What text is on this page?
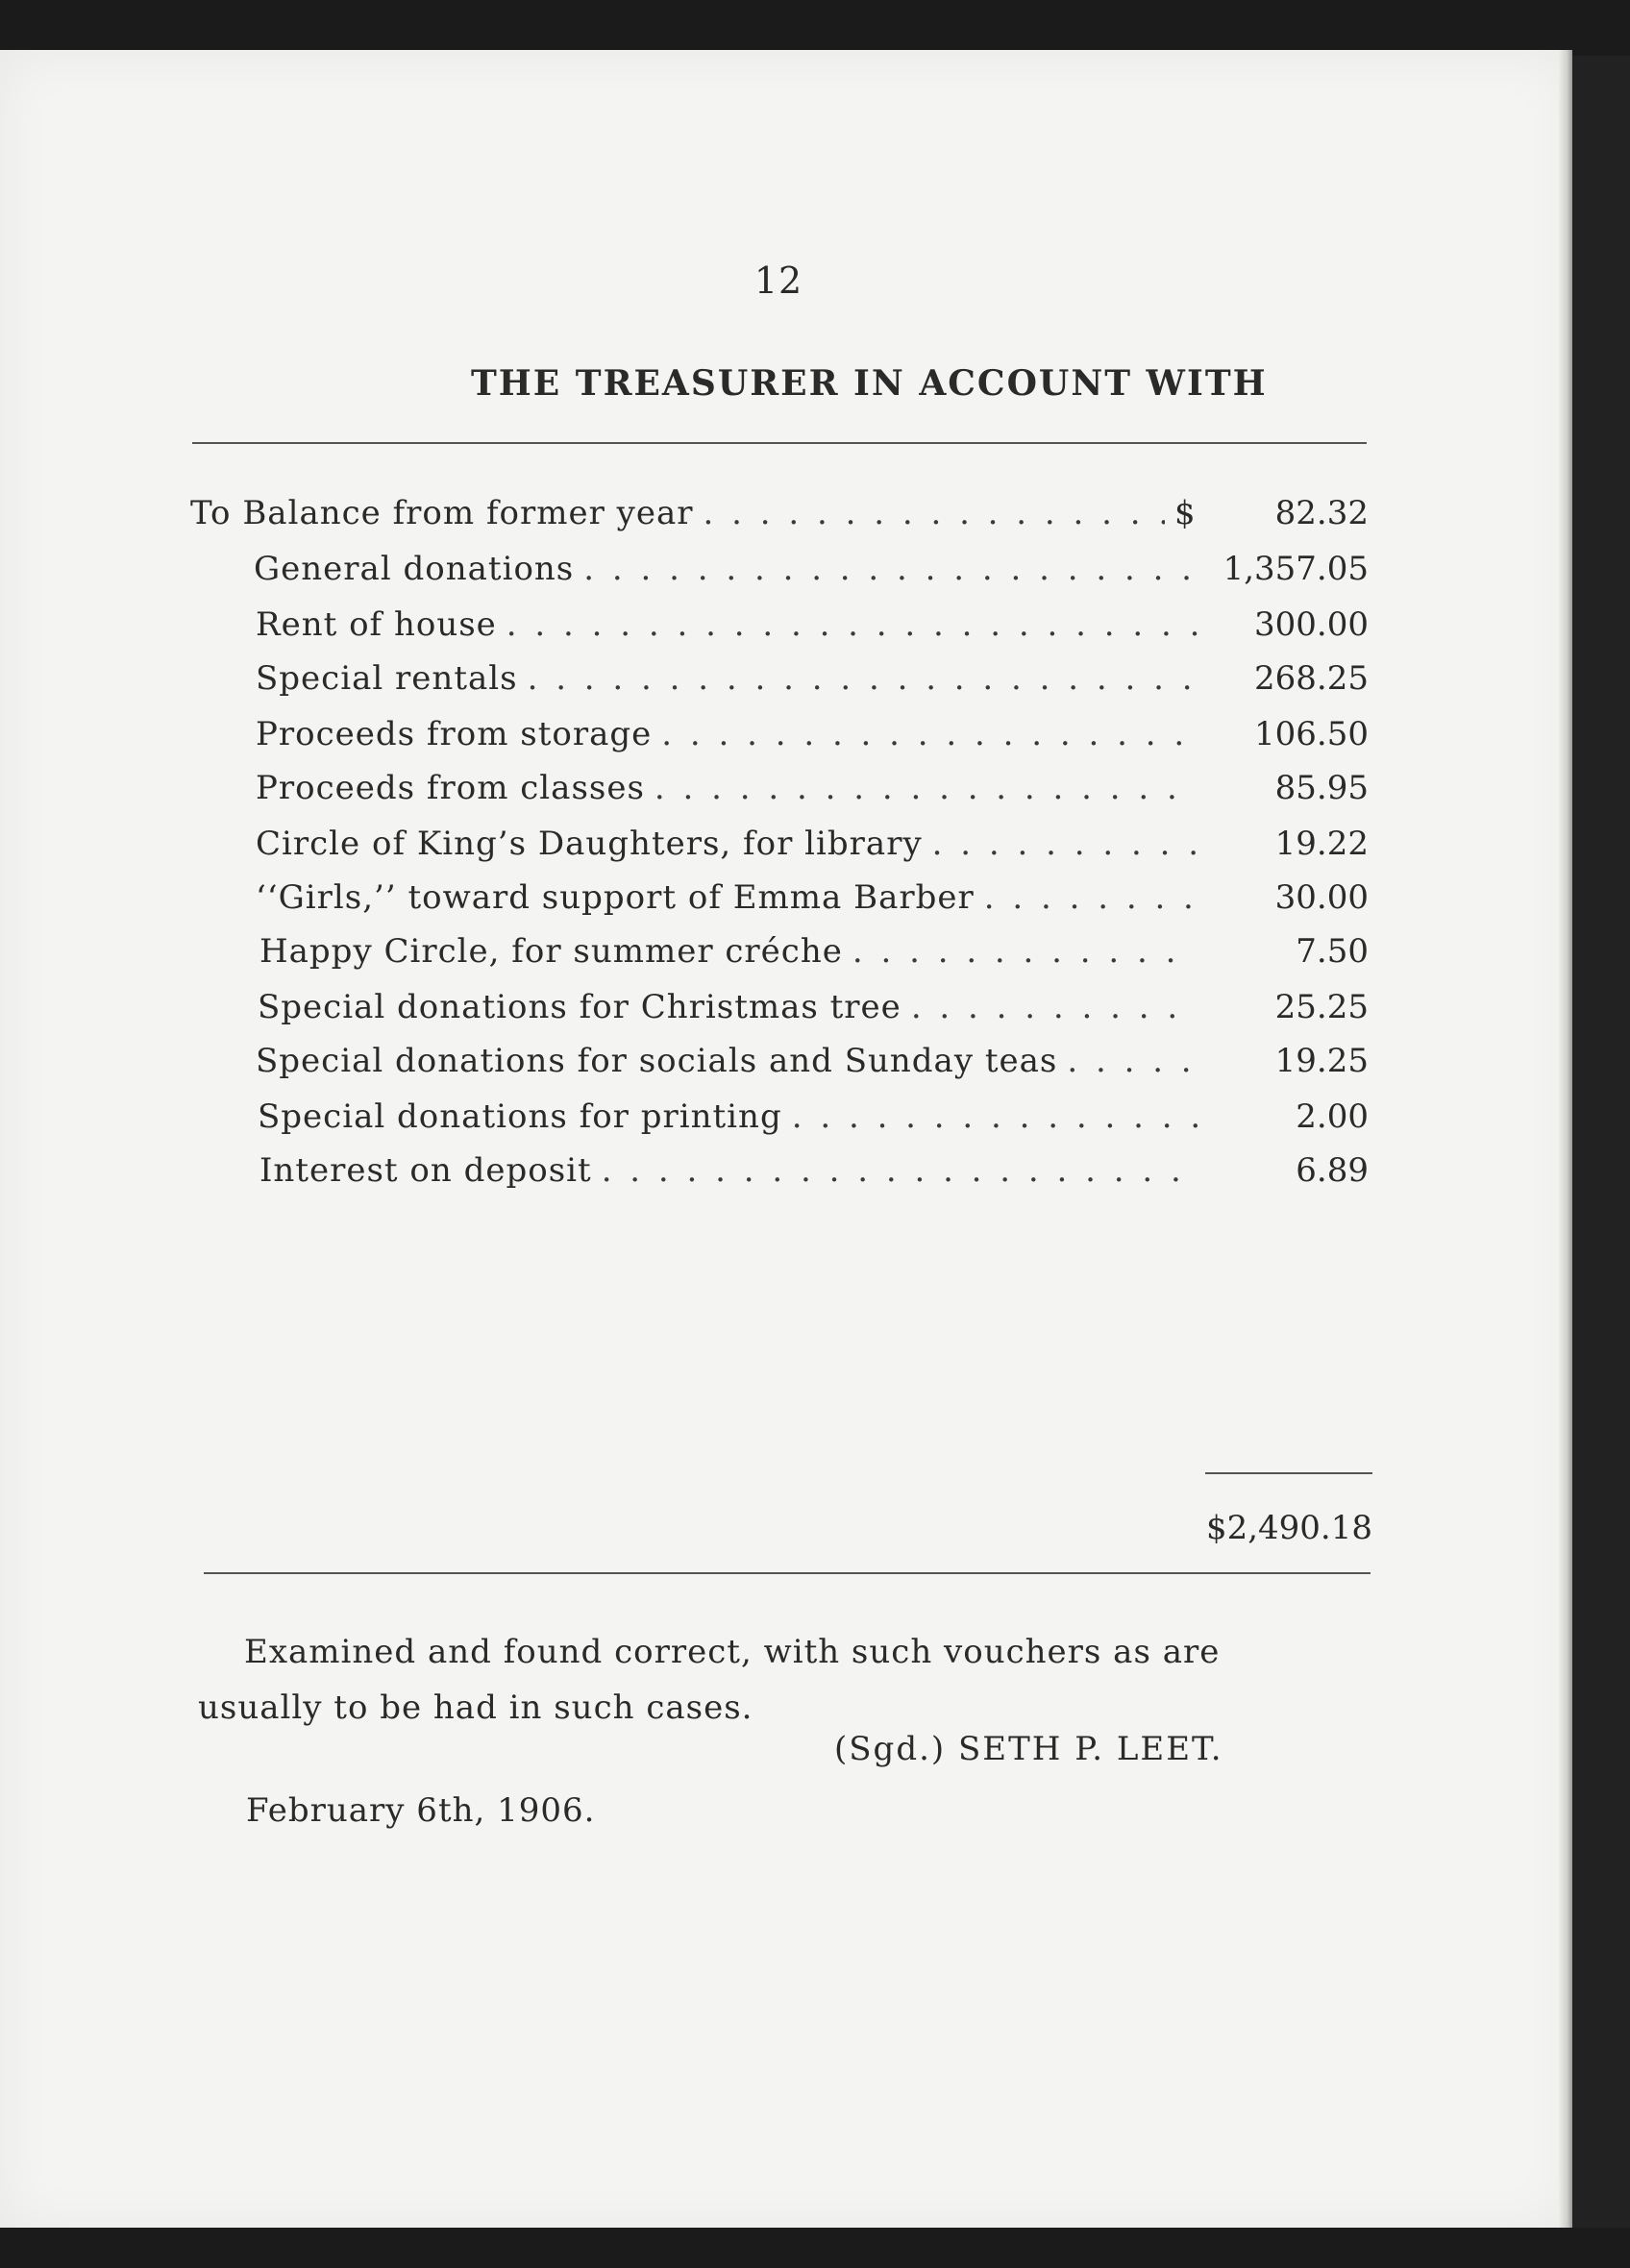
12
THE TREASURER IN ACCOUNT WITH
To Balance from former year . . .	$	82.32
General donations . . .	1,357.05
Rent of house . . .	300.00
Special rentals . . .	268.25
Proceeds from storage . . .	106.50
Proceeds from classes . . .	85.95
Circle of King’s Daughters, for library . . .	19.22
‘‘Girls,’’ toward support of Emma Barber . . .	30.00
Happy Circle, for summer créche . . .	7.50
Special donations for Christmas tree . . .	25.25
Special donations for socials and Sunday teas . . .	19.25
Special donations for printing . . .	2.00
Interest on deposit . . .	6.89
$2,490.18
Examined and found correct, with such vouchers as are
usually to be had in such cases.
(Sgd.) SETH P. LEET.
February 6th, 1906.
